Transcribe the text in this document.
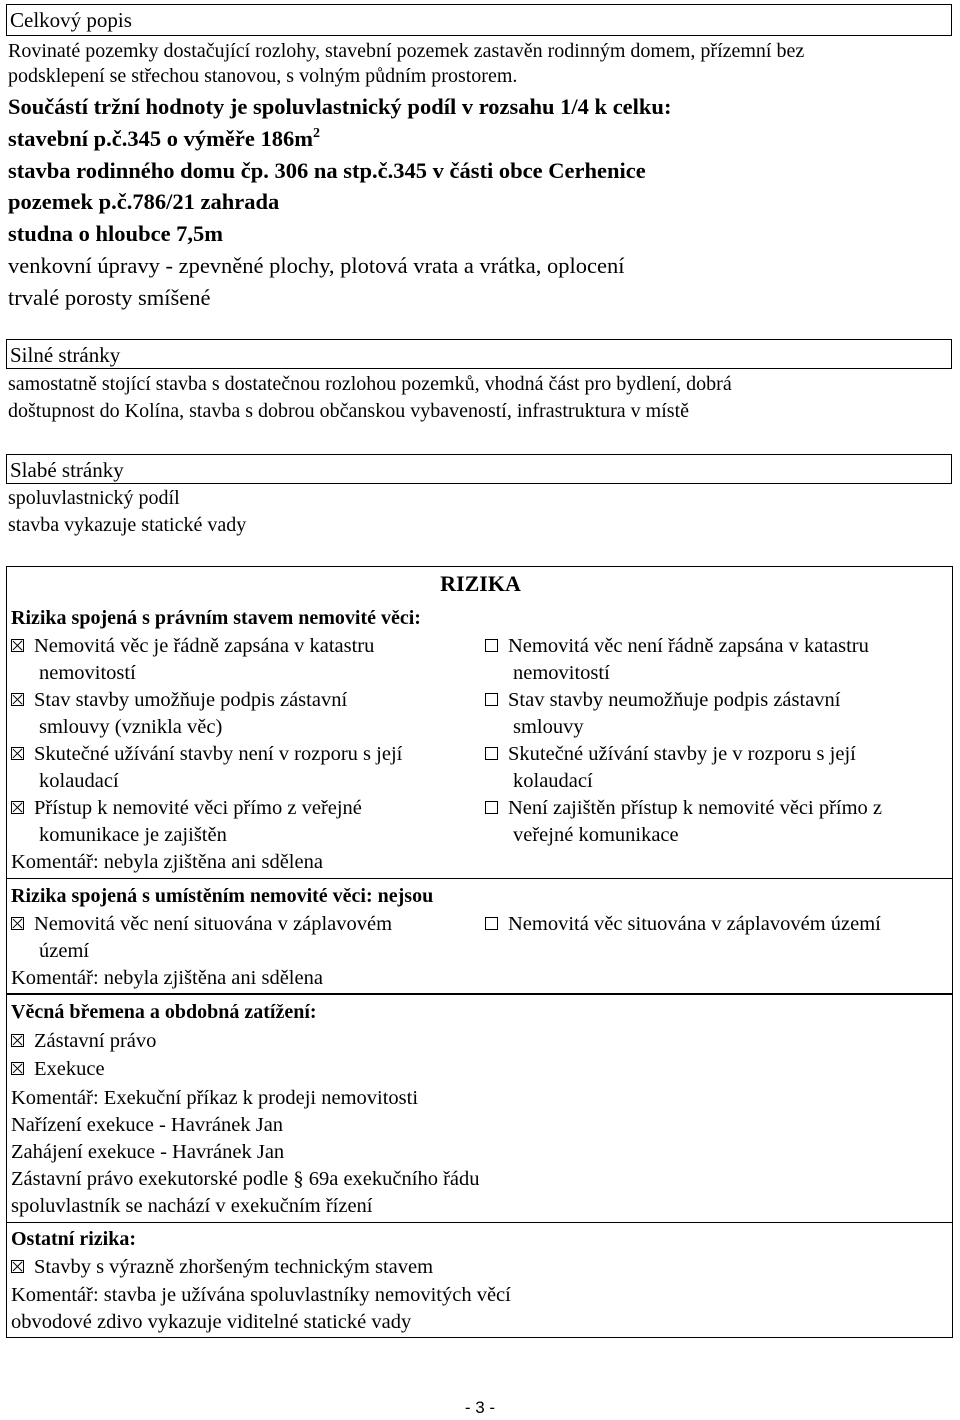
Celkový popis
Rovinaté pozemky dostačující rozlohy, stavební pozemek zastavěn rodinným domem, přízemní bez
podsklepení se střechou stanovou, s volným půdním prostorem.
Součástí tržní hodnoty je spoluvlastnický podíl v rozsahu 1/4 k celku:
stavební p.č.345 o výměře $186m^2$
stavba rodinného domu čp. 306 na stp.č.345 v části obce Cerhenice
pozemek p.č.786/21 zahrada
studna o hloubce 7,5m
venkovní úpravy - zpevněné plochy, plotová vrata a vrátka, oplocení
trvalé porosty smíšené
Silné stránky
samostatně stojící stavba s dostatečnou rozlohou pozemků, vhodná část pro bydlení, dobrá
doštupnost do Kolína, stavba s dobrou občanskou vybaveností, infrastruktura v místě
Slabé stránky
spoluvlastnický podíl
stavba vykazuje statické vady
RIZIKA
Rizika spojená s právním stavem nemovité věci:
Nemovitá věc je řádně zapsána v katastru
nemovitostí
Nemovitá věc není řádně zapsána v katastru
nemovitostí
Stav stavby umožňuje podpis zástavní
smlouvy (vznikla věc)
Stav stavby neumožňuje podpis zástavní
smlouvy
Skutečné užívání stavby není v rozporu s její
kolaudací
Skutečné užívání stavby je v rozporu s její
kolaudací
Přístup k nemovité věci přímo z veřejné
komunikace je zajištěn
Není zajištěn přístup k nemovité věci přímo z
veřejné komunikace
Komentář: nebyla zjištěna ani sdělena
Rizika spojená s umístěním nemovité věci: nejsou
Nemovitá věc není situována v záplavovém
území
Nemovitá věc situována v záplavovém území
Komentář: nebyla zjištěna ani sdělena
Věcná břemena a obdobná zatížení:
Zástavní právo
Exekuce
Komentář: Exekuční příkaz k prodeji nemovitosti
Nařízení exekuce - Havránek Jan
Zahájení exekuce - Havránek Jan
Zástavní právo exekutorské podle § 69a exekučního řádu
spoluvlastník se nachází v exekučním řízení
Ostatní rizika:
Stavby s výrazně zhoršeným technickým stavem
Komentář: stavba je užívána spoluvlastníky nemovitých věcí
obvodové zdivo vykazuje viditelné statické vady
- 3 -
